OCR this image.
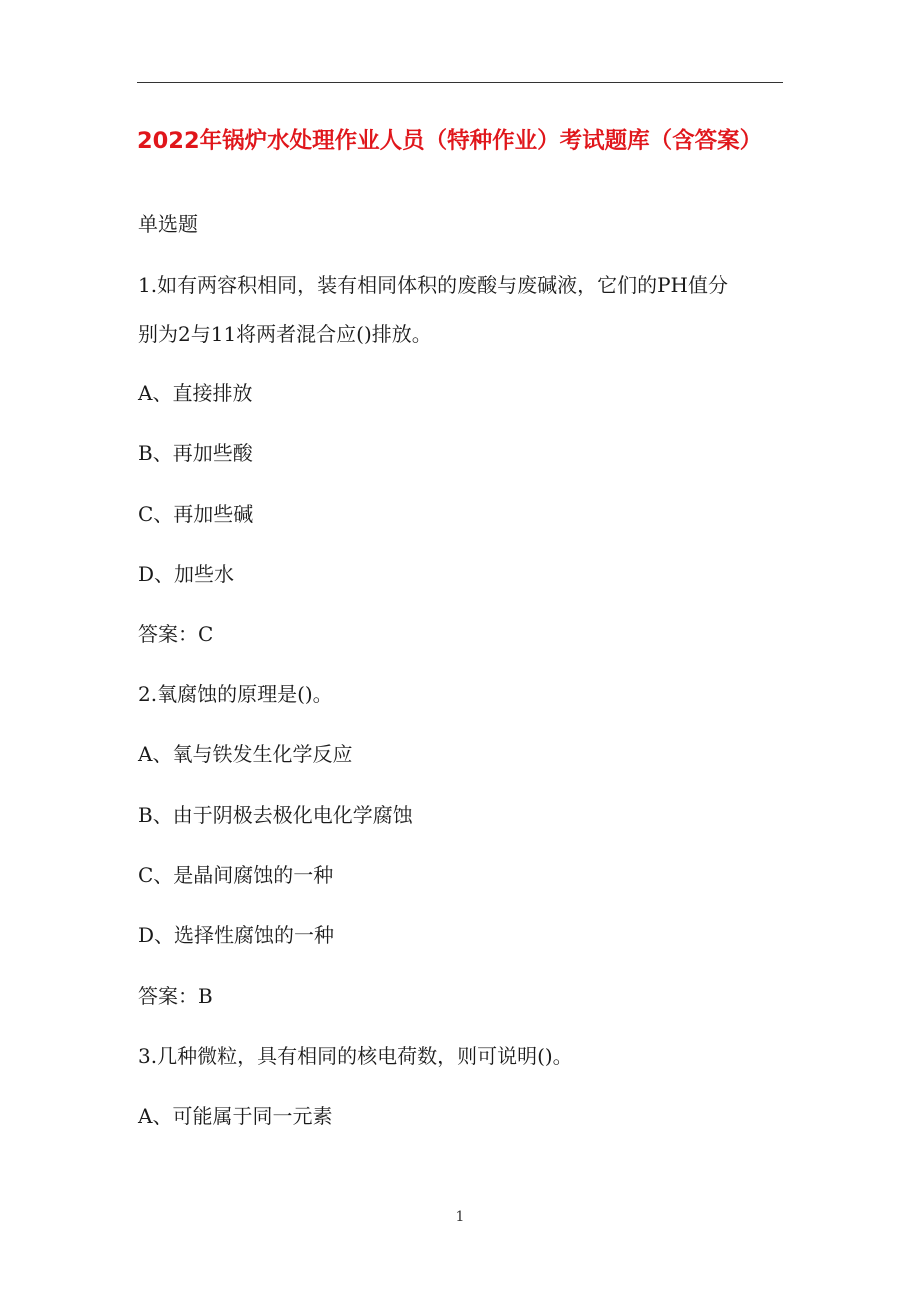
2022年锅炉水处理作业人员（特种作业）考试题库（含答案）
单选题
1.如有两容积相同，装有相同体积的废酸与废碱液，它们的PH值分
别为2与11将两者混合应()排放。
A、直接排放
B、再加些酸
C、再加些碱
D、加些水
答案：C
2.氧腐蚀的原理是()。
A、氧与铁发生化学反应
B、由于阴极去极化电化学腐蚀
C、是晶间腐蚀的一种
D、选择性腐蚀的一种
答案：B
3.几种微粒，具有相同的核电荷数，则可说明()。
A、可能属于同一元素
1
